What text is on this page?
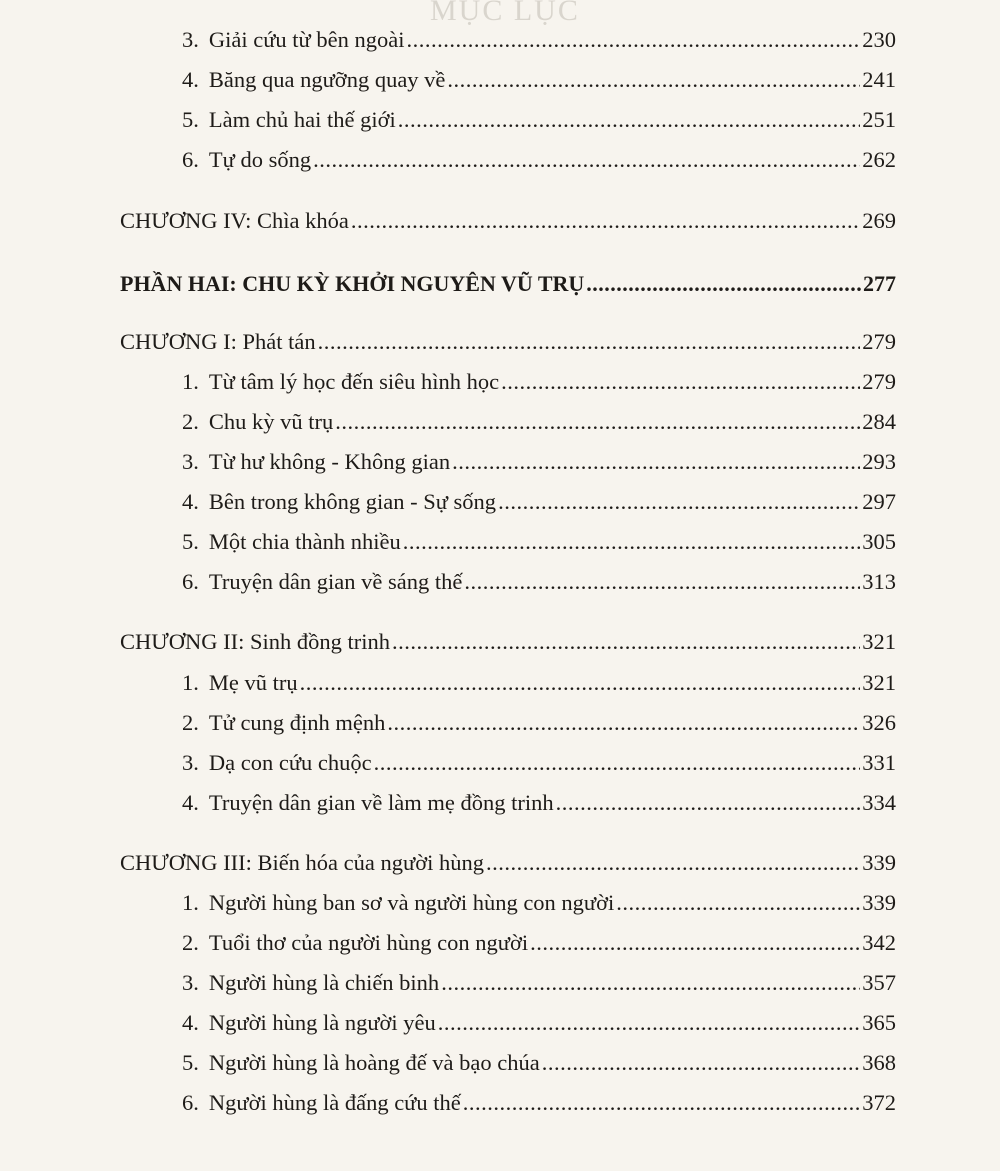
MỤC LỤC
3. Giải cứu từ bên ngoài .....	230
4. Băng qua ngưỡng quay về .....	241
5. Làm chủ hai thế giới .....	251
6. Tự do sống .....	262
CHƯƠNG IV: Chìa khóa .....	269
PHẦN HAI: CHU KỲ KHỞI NGUYÊN VŨ TRỤ .....	277
CHƯƠNG I: Phát tán .....	279
1. Từ tâm lý học đến siêu hình học .....	279
2. Chu kỳ vũ trụ .....	284
3. Từ hư không - Không gian .....	293
4. Bên trong không gian - Sự sống .....	297
5. Một chia thành nhiều .....	305
6. Truyện dân gian về sáng thế .....	313
CHƯƠNG II: Sinh đồng trinh .....	321
1. Mẹ vũ trụ .....	321
2. Tử cung định mệnh .....	326
3. Dạ con cứu chuộc .....	331
4. Truyện dân gian về làm mẹ đồng trinh .....	334
CHƯƠNG III: Biến hóa của người hùng .....	339
1. Người hùng ban sơ và người hùng con người .....	339
2. Tuổi thơ của người hùng con người .....	342
3. Người hùng là chiến binh .....	357
4. Người hùng là người yêu .....	365
5. Người hùng là hoàng đế và bạo chúa .....	368
6. Người hùng là đấng cứu thế .....	372
